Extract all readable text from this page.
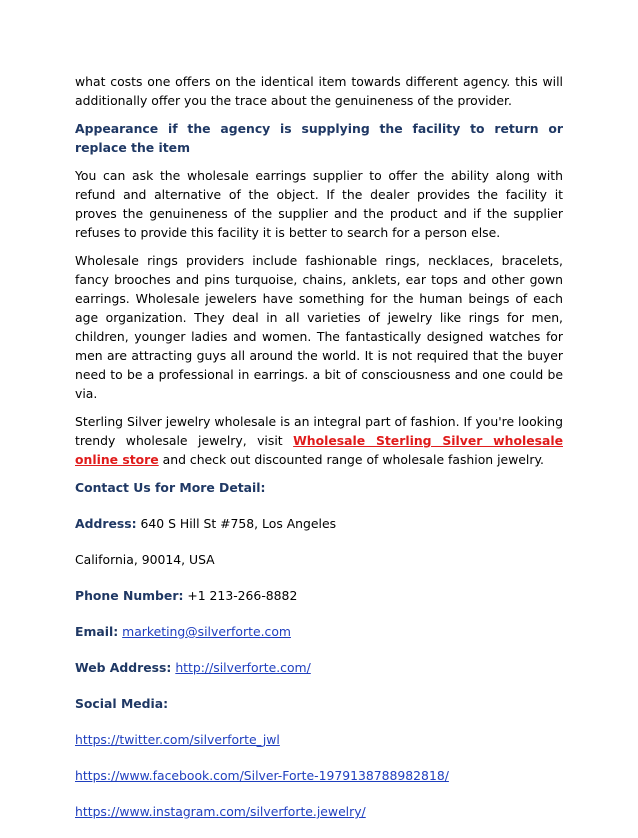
what costs one offers on the identical item towards different agency. this will additionally offer you the trace about the genuineness of the provider.

Appearance if the agency is supplying the facility to return or replace the item

You can ask the wholesale earrings supplier to offer the ability along with refund and alternative of the object. If the dealer provides the facility it proves the genuineness of the supplier and the product and if the supplier refuses to provide this facility it is better to search for a person else.

Wholesale rings providers include fashionable rings, necklaces, bracelets, fancy brooches and pins turquoise, chains, anklets, ear tops and other gown earrings. Wholesale jewelers have something for the human beings of each age organization. They deal in all varieties of jewelry like rings for men, children, younger ladies and women. The fantastically designed watches for men are attracting guys all around the world. It is not required that the buyer need to be a professional in earrings. a bit of consciousness and one could be via.

Sterling Silver jewelry wholesale is an integral part of fashion. If you're looking trendy wholesale jewelry, visit Wholesale Sterling Silver wholesale online store and check out discounted range of wholesale fashion jewelry.

Contact Us for More Detail:

Address: 640 S Hill St #758, Los Angeles

California, 90014, USA

Phone Number: +1 213-266-8882

Email: marketing@silverforte.com

Web Address: http://silverforte.com/

Social Media:

https://twitter.com/silverforte_jwl

https://www.facebook.com/Silver-Forte-1979138788982818/

https://www.instagram.com/silverforte.jewelry/
